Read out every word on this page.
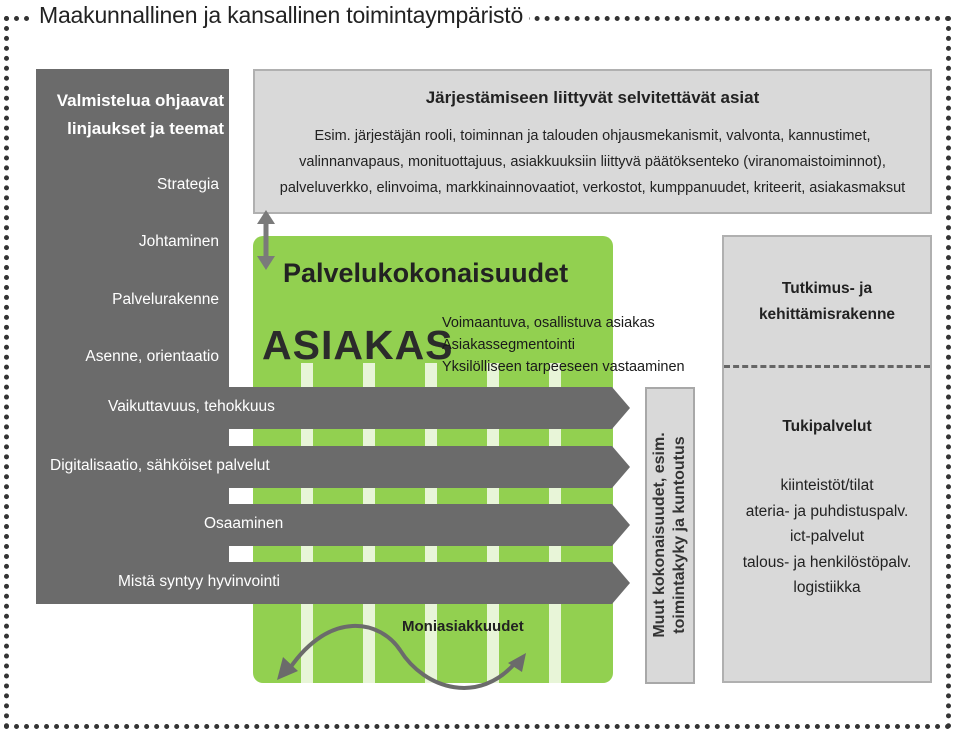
Maakunnallinen ja kansallinen toimintaympäristö
Järjestämiseen liittyvät selvitettävät asiat
Esim. järjestäjän rooli, toiminnan ja talouden ohjausmekanismit, valvonta, kannustimet,
valinnanvapaus, monituottajuus, asiakkuuksiin liittyvä päätöksenteko (viranomaistoiminnot),
palveluverkko, elinvoima, markkinainnovaatiot, verkostot, kumppanuudet, kriteerit, asiakasmaksut
Palvelukokonaisuudet
ASIAKAS
Voimaantuva, osallistuva asiakas
Asiakassegmentointi
Yksilölliseen tarpeeseen vastaaminen
Valmistelua ohjaavat
linjaukset ja teemat
Strategia
Johtaminen
Palvelurakenne
Asenne, orientaatio
Vaikuttavuus, tehokkuus
Digitalisaatio, sähköiset palvelut
Osaaminen
Mistä syntyy hyvinvointi
Moniasiakkuudet	Muut kokonaisuudet, esim. toimintakyky ja kuntoutus
Tutkimus- ja
kehittämisrakenne
Tukipalvelut
kiinteistöt/tilat
ateria- ja puhdistuspalv.
ict-palvelut
talous- ja henkilöstöpalv.
logistiikka
